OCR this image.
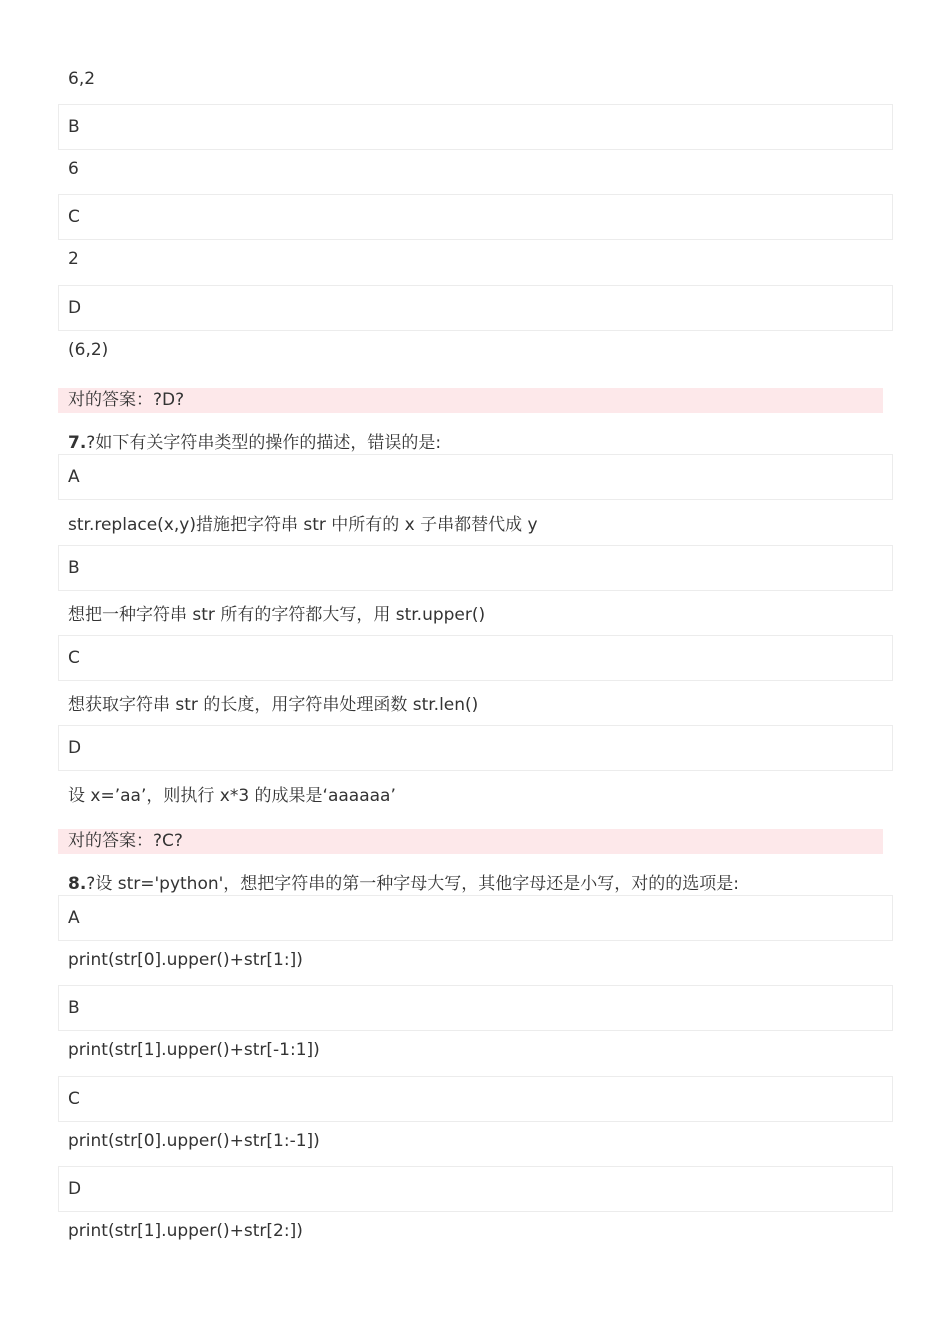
6,2
B
6
C
2
D
(6,2)
对的答案：?D?
7.?如下有关字符串类型的操作的描述，错误的是:
A
str.replace(x,y)措施把字符串 str 中所有的 x 子串都替代成 y
B
想把一种字符串 str 所有的字符都大写，用 str.upper()
C
想获取字符串 str 的长度，用字符串处理函数 str.len()
D
设 x=’aa’，则执行 x*3 的成果是‘aaaaaa’
对的答案：?C?
8.?设 str='python'，想把字符串的第一种字母大写，其他字母还是小写，对的的选项是:
A
print(str[0].upper()+str[1:])
B
print(str[1].upper()+str[-1:1])
C
print(str[0].upper()+str[1:-1])
D
print(str[1].upper()+str[2:])
